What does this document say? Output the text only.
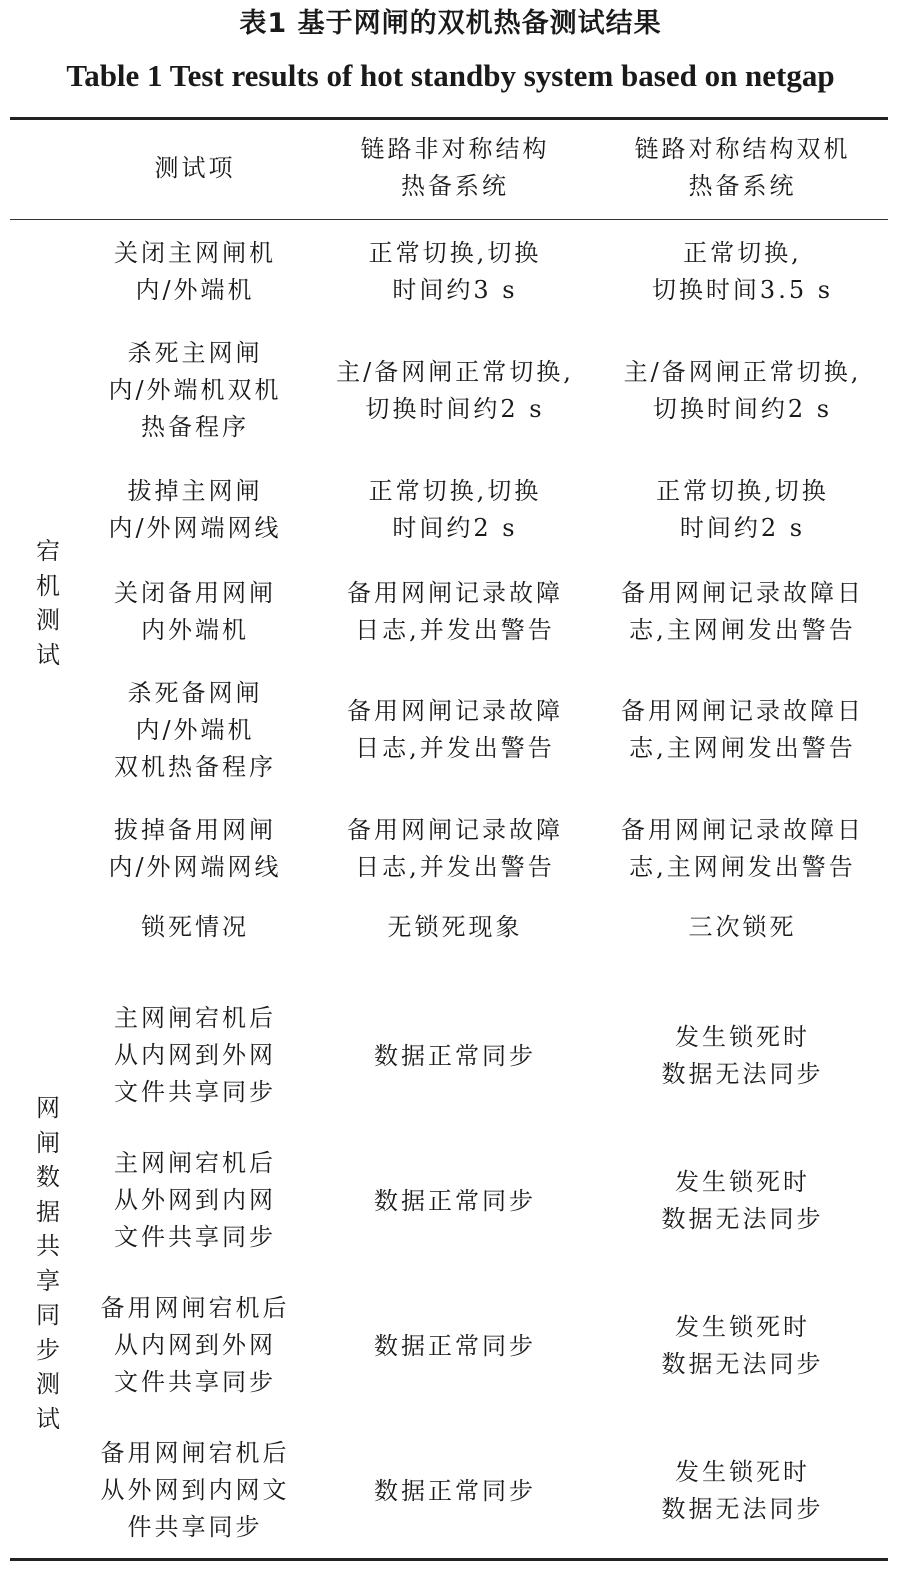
表1 基于网闸的双机热备测试结果
Table 1 Test results of hot standby system based on netgap
测试项
链路非对称结构
热备系统
链路对称结构双机
热备系统
宕
机
测
试
网
闸
数
据
共
享
同
步
测
试
关闭主网闸机
内/外端机
正常切换,切换
时间约3 s
正常切换,
切换时间3.5 s
杀死主网闸
内/外端机双机
热备程序
主/备网闸正常切换,
切换时间约2 s
主/备网闸正常切换,
切换时间约2 s
拔掉主网闸
内/外网端网线
正常切换,切换
时间约2 s
正常切换,切换
时间约2 s
关闭备用网闸
内外端机
备用网闸记录故障
日志,并发出警告
备用网闸记录故障日
志,主网闸发出警告
杀死备网闸
内/外端机
双机热备程序
备用网闸记录故障
日志,并发出警告
备用网闸记录故障日
志,主网闸发出警告
拔掉备用网闸
内/外网端网线
备用网闸记录故障
日志,并发出警告
备用网闸记录故障日
志,主网闸发出警告
锁死情况	无锁死现象	三次锁死
主网闸宕机后
从内网到外网
文件共享同步
数据正常同步
发生锁死时
数据无法同步
主网闸宕机后
从外网到内网
文件共享同步
数据正常同步
发生锁死时
数据无法同步
备用网闸宕机后
从内网到外网
文件共享同步
数据正常同步
发生锁死时
数据无法同步
备用网闸宕机后
从外网到内网文
件共享同步
数据正常同步
发生锁死时
数据无法同步
